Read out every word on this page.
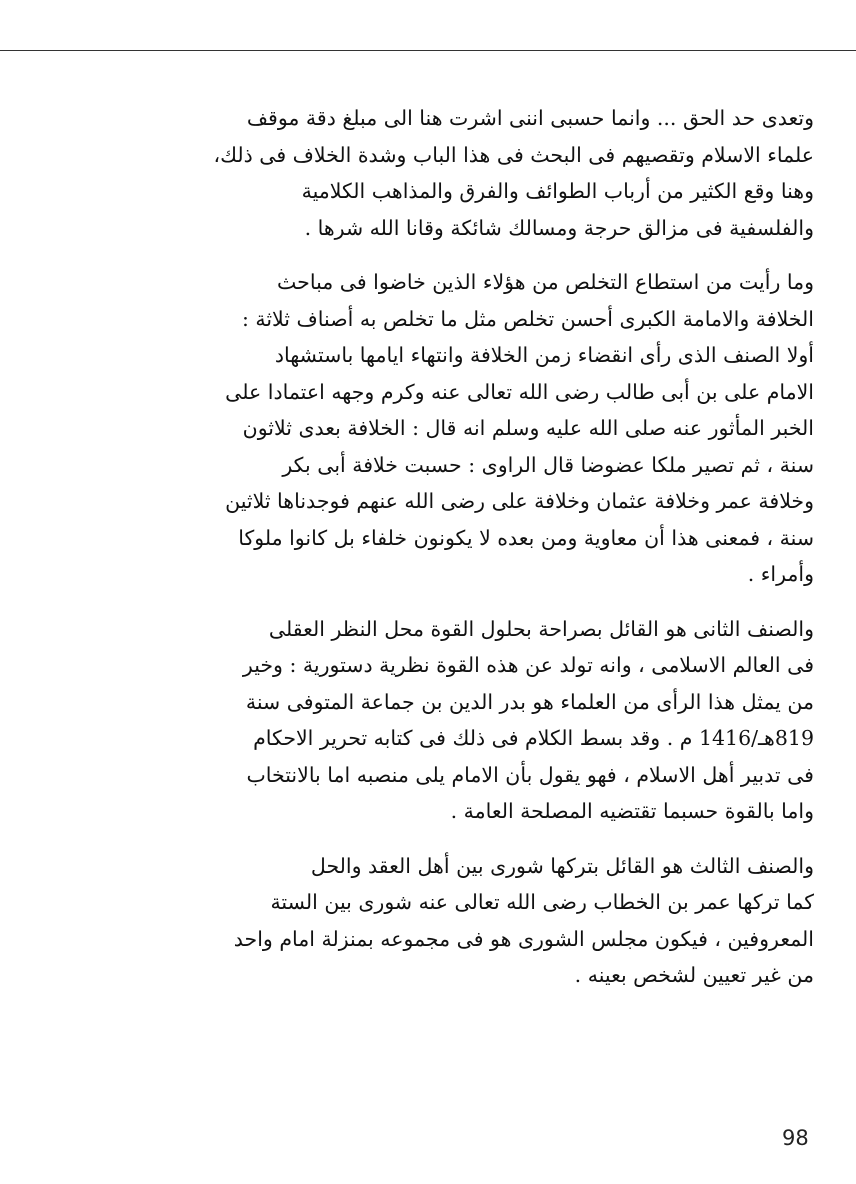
وتعدى حد الحق ... وانما حسبى اننى اشرت هنا الى مبلغ دقة موقف
علماء الاسلام وتقصيهم فى البحث فى هذا الباب وشدة الخلاف فى ذلك،
وهنا وقع الكثير من أرباب الطوائف والفرق والمذاهب الكلامية
والفلسفية فى مزالق حرجة ومسالك شائكة وقانا الله شرها .

وما رأيت من استطاع التخلص من هؤلاء الذين خاضوا فى مباحث
الخلافة والامامة الكبرى أحسن تخلص مثل ما تخلص به أصناف ثلاثة :
أولا الصنف الذى رأى انقضاء زمن الخلافة وانتهاء ايامها باستشهاد
الامام على بن أبى طالب رضى الله تعالى عنه وكرم وجهه اعتمادا على
الخبر المأثور عنه صلى الله عليه وسلم انه قال : الخلافة بعدى ثلاثون
سنة ، ثم تصير ملكا عضوضا قال الراوى : حسبت خلافة أبى بكر
وخلافة عمر وخلافة عثمان وخلافة على رضى الله عنهم فوجدناها ثلاثين
سنة ، فمعنى هذا أن معاوية ومن بعده لا يكونون خلفاء بل كانوا ملوكا
وأمراء .

والصنف الثانى هو القائل بصراحة بحلول القوة محل النظر العقلى
فى العالم الاسلامى ، وانه تولد عن هذه القوة نظرية دستورية : وخير
من يمثل هذا الرأى من العلماء هو بدر الدين بن جماعة المتوفى سنة
819هـ/1416 م . وقد بسط الكلام فى ذلك فى كتابه تحرير الاحكام
فى تدبير أهل الاسلام ، فهو يقول بأن الامام يلى منصبه اما بالانتخاب
واما بالقوة حسبما تقتضيه المصلحة العامة .

والصنف الثالث هو القائل بتركها شورى بين أهل العقد والحل
كما تركها عمر بن الخطاب رضى الله تعالى عنه شورى بين الستة
المعروفين ، فيكون مجلس الشورى هو فى مجموعه بمنزلة امام واحد
من غير تعيين لشخص بعينه .

98
